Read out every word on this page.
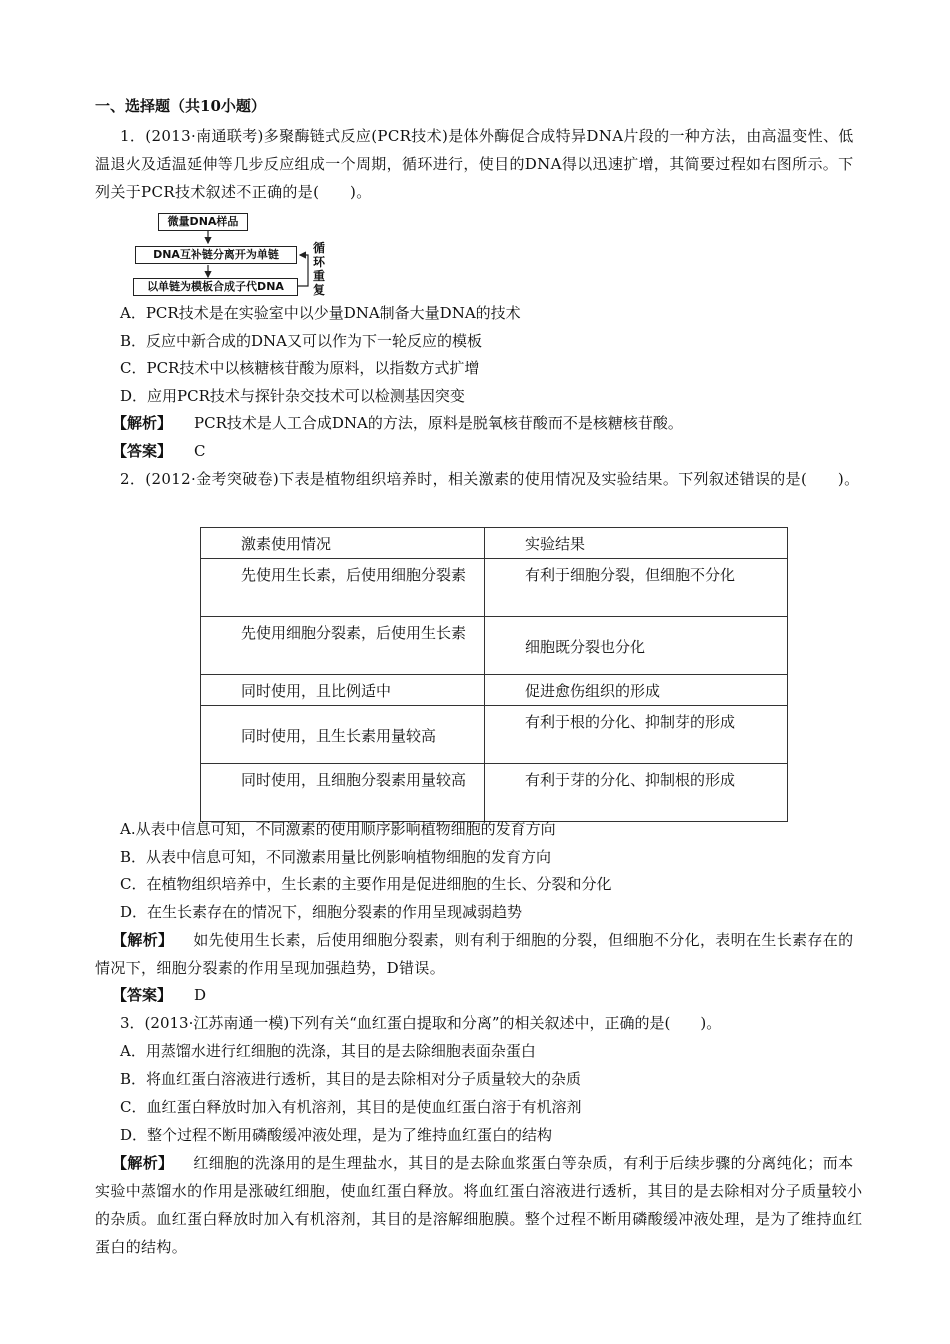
一、选择题（共10小题）

1．(2013·南通联考)多聚酶链式反应(PCR技术)是体外酶促合成特异DNA片段的一种方法，由高温变性、低温退火及适温延伸等几步反应组成一个周期，循环进行，使目的DNA得以迅速扩增，其简要过程如右图所示。下列关于PCR技术叙述不正确的是(　　)。

微量DNA样品
DNA互补链分离开为单链
以单链为模板合成子代DNA
循
环
重
复
A．PCR技术是在实验室中以少量DNA制备大量DNA的技术
B．反应中新合成的DNA又可以作为下一轮反应的模板
C．PCR技术中以核糖核苷酸为原料，以指数方式扩增
D．应用PCR技术与探针杂交技术可以检测基因突变
【解析】 PCR技术是人工合成DNA的方法，原料是脱氧核苷酸而不是核糖核苷酸。
【答案】 C

2．(2012·金考突破卷)下表是植物组织培养时，相关激素的使用情况及实验结果。下列叙述错误的是(　　)。

激素使用情况	实验结果

先使用生长素，后使用细胞分裂素	有利于细胞分裂，但细胞不分化

先使用细胞分裂素，后使用生长素	细胞既分裂也分化

同时使用，且比例适中	促进愈伤组织的形成

同时使用，且生长素用量较高	有利于根的分化、抑制芽的形成

同时使用，且细胞分裂素用量较高	有利于芽的分化、抑制根的形成
A.从表中信息可知，不同激素的使用顺序影响植物细胞的发育方向
B．从表中信息可知，不同激素用量比例影响植物细胞的发育方向
C．在植物组织培养中，生长素的主要作用是促进细胞的生长、分裂和分化
D．在生长素存在的情况下，细胞分裂素的作用呈现减弱趋势

【解析】 如先使用生长素，后使用细胞分裂素，则有利于细胞的分裂，但细胞不分化，表明在生长素存在的情况下，细胞分裂素的作用呈现加强趋势，D错误。

【答案】 D
3．(2013·江苏南通一模)下列有关“血红蛋白提取和分离”的相关叙述中，正确的是(　　)。
A．用蒸馏水进行红细胞的洗涤，其目的是去除细胞表面杂蛋白
B．将血红蛋白溶液进行透析，其目的是去除相对分子质量较大的杂质
C．血红蛋白释放时加入有机溶剂，其目的是使血红蛋白溶于有机溶剂
D．整个过程不断用磷酸缓冲液处理，是为了维持血红蛋白的结构

【解析】 红细胞的洗涤用的是生理盐水，其目的是去除血浆蛋白等杂质，有利于后续步骤的分离纯化；而本实验中蒸馏水的作用是涨破红细胞，使血红蛋白释放。将血红蛋白溶液进行透析，其目的是去除相对分子质量较小的杂质。血红蛋白释放时加入有机溶剂，其目的是溶解细胞膜。整个过程不断用磷酸缓冲液处理，是为了维持血红蛋白的结构。
